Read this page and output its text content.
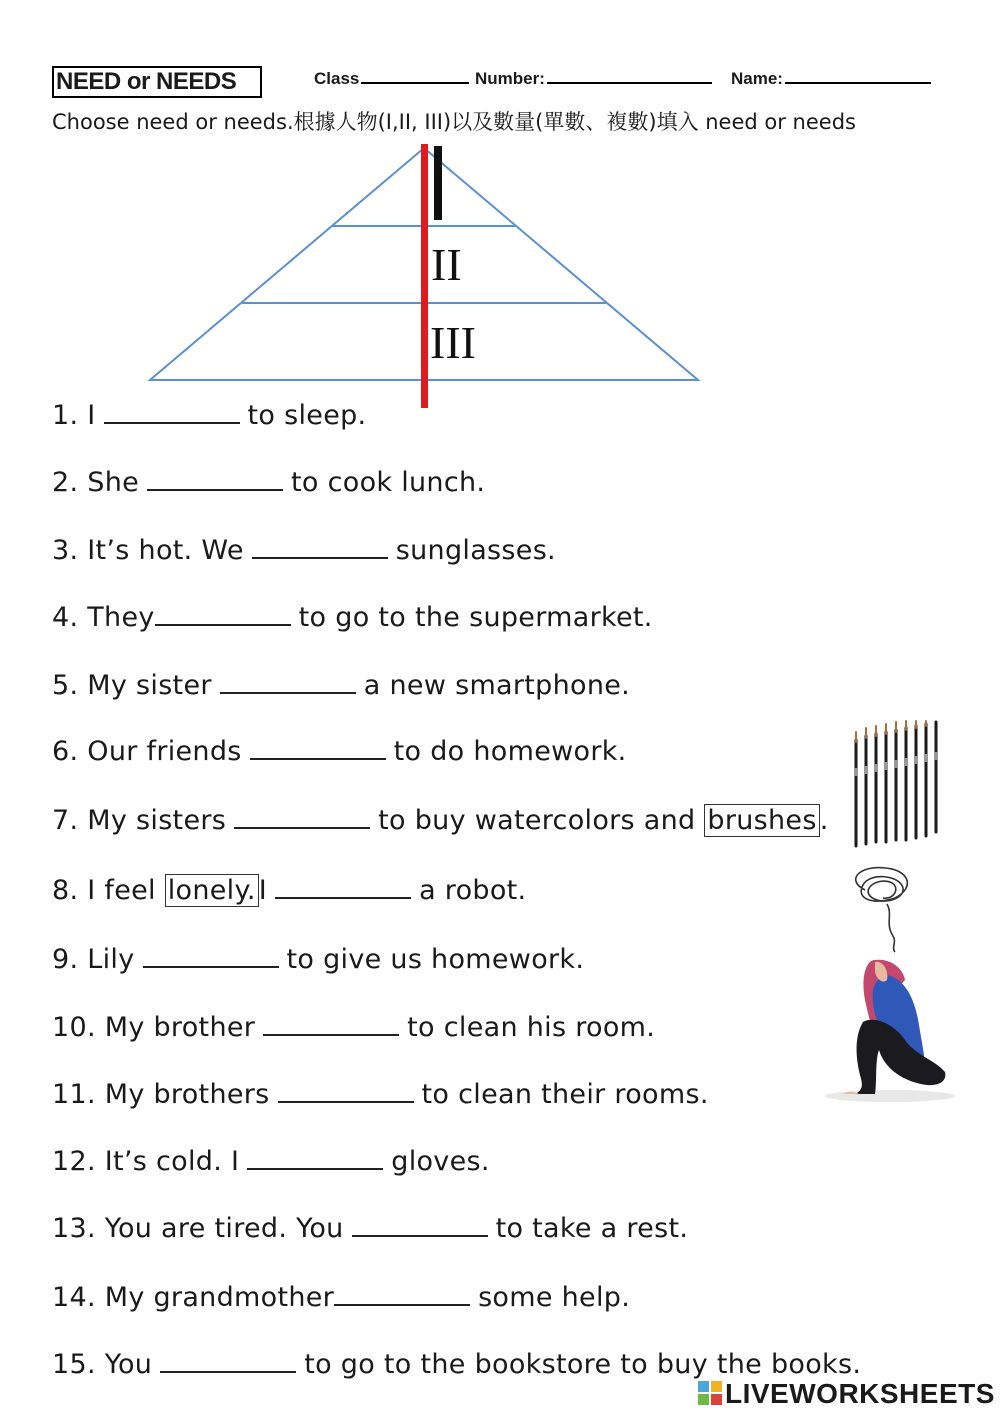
NEED or NEEDS	Class	Number:	Name:
Choose need or needs.根據人物(I,II, III)以及數量(單數、複數)填入 need or needs
II
III
1. I	to sleep.
2. She	to cook lunch.
3. It’s hot. We	sunglasses.
4. They	to go to the supermarket.
5. My sister	a new smartphone.
6. Our friends	to do homework.
7. My sisters	to buy watercolors and brushes .
8. I feel lonely. I	a robot.
9. Lily	to give us homework.
10. My brother	to clean his room.
11. My brothers	to clean their rooms.
12. It’s cold. I	gloves.
13. You are tired. You	to take a rest.
14. My grandmother	some help.
15. You	to go to the bookstore to buy the books.
LIVEWORKSHEETS
